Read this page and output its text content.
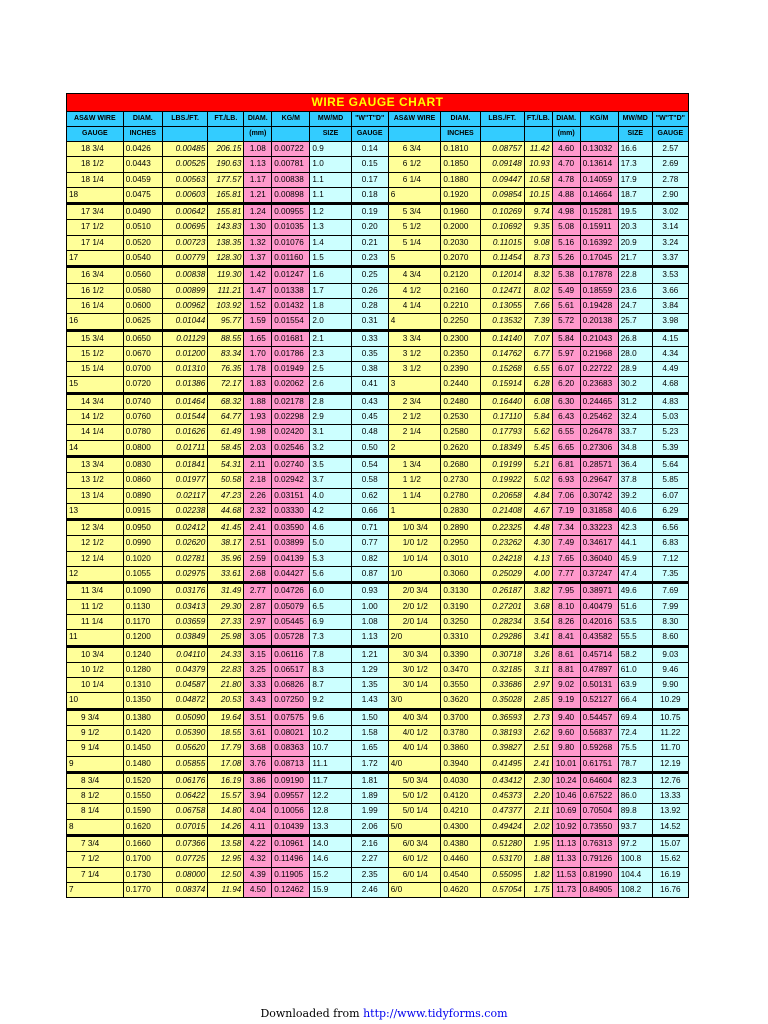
WIRE GAUGE CHART															
AS&W WIRE	DIAM.	LBS./FT.	FT./LB.	DIAM.	KG/M	MW/MD	"W"T"D"	AS&W WIRE	DIAM.	LBS./FT.	FT./LB.	DIAM.	KG/M	MW/MD	"W"T"D"
GAUGE	INCHES			(mm)		SIZE	GAUGE		INCHES			(mm)		SIZE	GAUGE
18 3/4	0.0426	0.00485	206.15	1.08	0.00722	0.9	0.14	6 3/4	0.1810	0.08757	11.42	4.60	0.13032	16.6	2.57
18 1/2	0.0443	0.00525	190.63	1.13	0.00781	1.0	0.15	6 1/2	0.1850	0.09148	10.93	4.70	0.13614	17.3	2.69
18 1/4	0.0459	0.00563	177.57	1.17	0.00838	1.1	0.17	6 1/4	0.1880	0.09447	10.58	4.78	0.14059	17.9	2.78
18	0.0475	0.00603	165.81	1.21	0.00898	1.1	0.18	6	0.1920	0.09854	10.15	4.88	0.14664	18.7	2.90
17 3/4	0.0490	0.00642	155.81	1.24	0.00955	1.2	0.19	5 3/4	0.1960	0.10269	9.74	4.98	0.15281	19.5	3.02
17 1/2	0.0510	0.00695	143.83	1.30	0.01035	1.3	0.20	5 1/2	0.2000	0.10692	9.35	5.08	0.15911	20.3	3.14
17 1/4	0.0520	0.00723	138.35	1.32	0.01076	1.4	0.21	5 1/4	0.2030	0.11015	9.08	5.16	0.16392	20.9	3.24
17	0.0540	0.00779	128.30	1.37	0.01160	1.5	0.23	5	0.2070	0.11454	8.73	5.26	0.17045	21.7	3.37
16 3/4	0.0560	0.00838	119.30	1.42	0.01247	1.6	0.25	4 3/4	0.2120	0.12014	8.32	5.38	0.17878	22.8	3.53
16 1/2	0.0580	0.00899	111.21	1.47	0.01338	1.7	0.26	4 1/2	0.2160	0.12471	8.02	5.49	0.18559	23.6	3.66
16 1/4	0.0600	0.00962	103.92	1.52	0.01432	1.8	0.28	4 1/4	0.2210	0.13055	7.66	5.61	0.19428	24.7	3.84
16	0.0625	0.01044	95.77	1.59	0.01554	2.0	0.31	4	0.2250	0.13532	7.39	5.72	0.20138	25.7	3.98
15 3/4	0.0650	0.01129	88.55	1.65	0.01681	2.1	0.33	3 3/4	0.2300	0.14140	7.07	5.84	0.21043	26.8	4.15
15 1/2	0.0670	0.01200	83.34	1.70	0.01786	2.3	0.35	3 1/2	0.2350	0.14762	6.77	5.97	0.21968	28.0	4.34
15 1/4	0.0700	0.01310	76.35	1.78	0.01949	2.5	0.38	3 1/2	0.2390	0.15268	6.55	6.07	0.22722	28.9	4.49
15	0.0720	0.01386	72.17	1.83	0.02062	2.6	0.41	3	0.2440	0.15914	6.28	6.20	0.23683	30.2	4.68
14 3/4	0.0740	0.01464	68.32	1.88	0.02178	2.8	0.43	2 3/4	0.2480	0.16440	6.08	6.30	0.24465	31.2	4.83
14 1/2	0.0760	0.01544	64.77	1.93	0.02298	2.9	0.45	2 1/2	0.2530	0.17110	5.84	6.43	0.25462	32.4	5.03
14 1/4	0.0780	0.01626	61.49	1.98	0.02420	3.1	0.48	2 1/4	0.2580	0.17793	5.62	6.55	0.26478	33.7	5.23
14	0.0800	0.01711	58.45	2.03	0.02546	3.2	0.50	2	0.2620	0.18349	5.45	6.65	0.27306	34.8	5.39
13 3/4	0.0830	0.01841	54.31	2.11	0.02740	3.5	0.54	1 3/4	0.2680	0.19199	5.21	6.81	0.28571	36.4	5.64
13 1/2	0.0860	0.01977	50.58	2.18	0.02942	3.7	0.58	1 1/2	0.2730	0.19922	5.02	6.93	0.29647	37.8	5.85
13 1/4	0.0890	0.02117	47.23	2.26	0.03151	4.0	0.62	1 1/4	0.2780	0.20658	4.84	7.06	0.30742	39.2	6.07
13	0.0915	0.02238	44.68	2.32	0.03330	4.2	0.66	1	0.2830	0.21408	4.67	7.19	0.31858	40.6	6.29
12 3/4	0.0950	0.02412	41.45	2.41	0.03590	4.6	0.71	1/0 3/4	0.2890	0.22325	4.48	7.34	0.33223	42.3	6.56
12 1/2	0.0990	0.02620	38.17	2.51	0.03899	5.0	0.77	1/0 1/2	0.2950	0.23262	4.30	7.49	0.34617	44.1	6.83
12 1/4	0.1020	0.02781	35.96	2.59	0.04139	5.3	0.82	1/0 1/4	0.3010	0.24218	4.13	7.65	0.36040	45.9	7.12
12	0.1055	0.02975	33.61	2.68	0.04427	5.6	0.87	1/0	0.3060	0.25029	4.00	7.77	0.37247	47.4	7.35
11 3/4	0.1090	0.03176	31.49	2.77	0.04726	6.0	0.93	2/0 3/4	0.3130	0.26187	3.82	7.95	0.38971	49.6	7.69
11 1/2	0.1130	0.03413	29.30	2.87	0.05079	6.5	1.00	2/0 1/2	0.3190	0.27201	3.68	8.10	0.40479	51.6	7.99
11 1/4	0.1170	0.03659	27.33	2.97	0.05445	6.9	1.08	2/0 1/4	0.3250	0.28234	3.54	8.26	0.42016	53.5	8.30
11	0.1200	0.03849	25.98	3.05	0.05728	7.3	1.13	2/0	0.3310	0.29286	3.41	8.41	0.43582	55.5	8.60
10 3/4	0.1240	0.04110	24.33	3.15	0.06116	7.8	1.21	3/0 3/4	0.3390	0.30718	3.26	8.61	0.45714	58.2	9.03
10 1/2	0.1280	0.04379	22.83	3.25	0.06517	8.3	1.29	3/0 1/2	0.3470	0.32185	3.11	8.81	0.47897	61.0	9.46
10 1/4	0.1310	0.04587	21.80	3.33	0.06826	8.7	1.35	3/0 1/4	0.3550	0.33686	2.97	9.02	0.50131	63.9	9.90
10	0.1350	0.04872	20.53	3.43	0.07250	9.2	1.43	3/0	0.3620	0.35028	2.85	9.19	0.52127	66.4	10.29
9 3/4	0.1380	0.05090	19.64	3.51	0.07575	9.6	1.50	4/0 3/4	0.3700	0.36593	2.73	9.40	0.54457	69.4	10.75
9 1/2	0.1420	0.05390	18.55	3.61	0.08021	10.2	1.58	4/0 1/2	0.3780	0.38193	2.62	9.60	0.56837	72.4	11.22
9 1/4	0.1450	0.05620	17.79	3.68	0.08363	10.7	1.65	4/0 1/4	0.3860	0.39827	2.51	9.80	0.59268	75.5	11.70
9	0.1480	0.05855	17.08	3.76	0.08713	11.1	1.72	4/0	0.3940	0.41495	2.41	10.01	0.61751	78.7	12.19
8 3/4	0.1520	0.06176	16.19	3.86	0.09190	11.7	1.81	5/0 3/4	0.4030	0.43412	2.30	10.24	0.64604	82.3	12.76
8 1/2	0.1550	0.06422	15.57	3.94	0.09557	12.2	1.89	5/0 1/2	0.4120	0.45373	2.20	10.46	0.67522	86.0	13.33
8 1/4	0.1590	0.06758	14.80	4.04	0.10056	12.8	1.99	5/0 1/4	0.4210	0.47377	2.11	10.69	0.70504	89.8	13.92
8	0.1620	0.07015	14.26	4.11	0.10439	13.3	2.06	5/0	0.4300	0.49424	2.02	10.92	0.73550	93.7	14.52
7 3/4	0.1660	0.07366	13.58	4.22	0.10961	14.0	2.16	6/0 3/4	0.4380	0.51280	1.95	11.13	0.76313	97.2	15.07
7 1/2	0.1700	0.07725	12.95	4.32	0.11496	14.6	2.27	6/0 1/2	0.4460	0.53170	1.88	11.33	0.79126	100.8	15.62
7 1/4	0.1730	0.08000	12.50	4.39	0.11905	15.2	2.35	6/0 1/4	0.4540	0.55095	1.82	11.53	0.81990	104.4	16.19
7	0.1770	0.08374	11.94	4.50	0.12462	15.9	2.46	6/0	0.4620	0.57054	1.75	11.73	0.84905	108.2	16.76
Downloaded from http://www.tidyforms.com
